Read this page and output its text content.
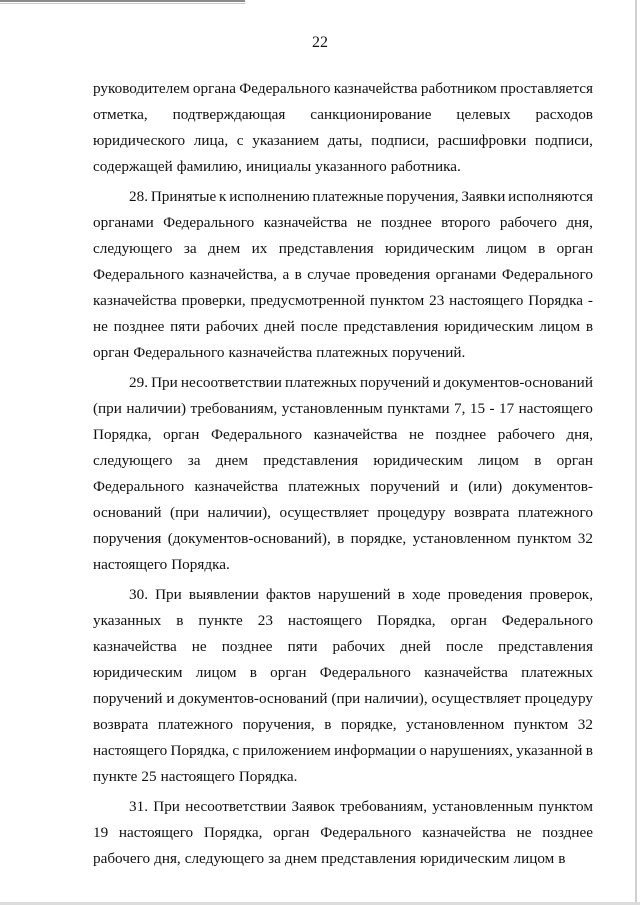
22
руководителем органа Федерального казначейства работником проставляется
отметка, подтверждающая санкционирование целевых расходов
юридического лица, с указанием даты, подписи, расшифровки подписи,
содержащей фамилию, инициалы указанного работника.
28. Принятые к исполнению платежные поручения, Заявки исполняются
органами Федерального казначейства не позднее второго рабочего дня,
следующего за днем их представления юридическим лицом в орган
Федерального казначейства, а в случае проведения органами Федерального
казначейства проверки, предусмотренной пунктом 23 настоящего Порядка -
не позднее пяти рабочих дней после представления юридическим лицом в
орган Федерального казначейства платежных поручений.
29. При несоответствии платежных поручений и документов-оснований
(при наличии) требованиям, установленным пунктами 7, 15 - 17 настоящего
Порядка, орган Федерального казначейства не позднее рабочего дня,
следующего за днем представления юридическим лицом в орган
Федерального казначейства платежных поручений и (или) документов-
оснований (при наличии), осуществляет процедуру возврата платежного
поручения (документов-оснований), в порядке, установленном пунктом 32
настоящего Порядка.
30. При выявлении фактов нарушений в ходе проведения проверок,
указанных в пункте 23 настоящего Порядка, орган Федерального
казначейства не позднее пяти рабочих дней после представления
юридическим лицом в орган Федерального казначейства платежных
поручений и документов-оснований (при наличии), осуществляет процедуру
возврата платежного поручения, в порядке, установленном пунктом 32
настоящего Порядка, с приложением информации о нарушениях, указанной в
пункте 25 настоящего Порядка.
31. При несоответствии Заявок требованиям, установленным пунктом
19 настоящего Порядка, орган Федерального казначейства не позднее
рабочего дня, следующего за днем представления юридическим лицом в
